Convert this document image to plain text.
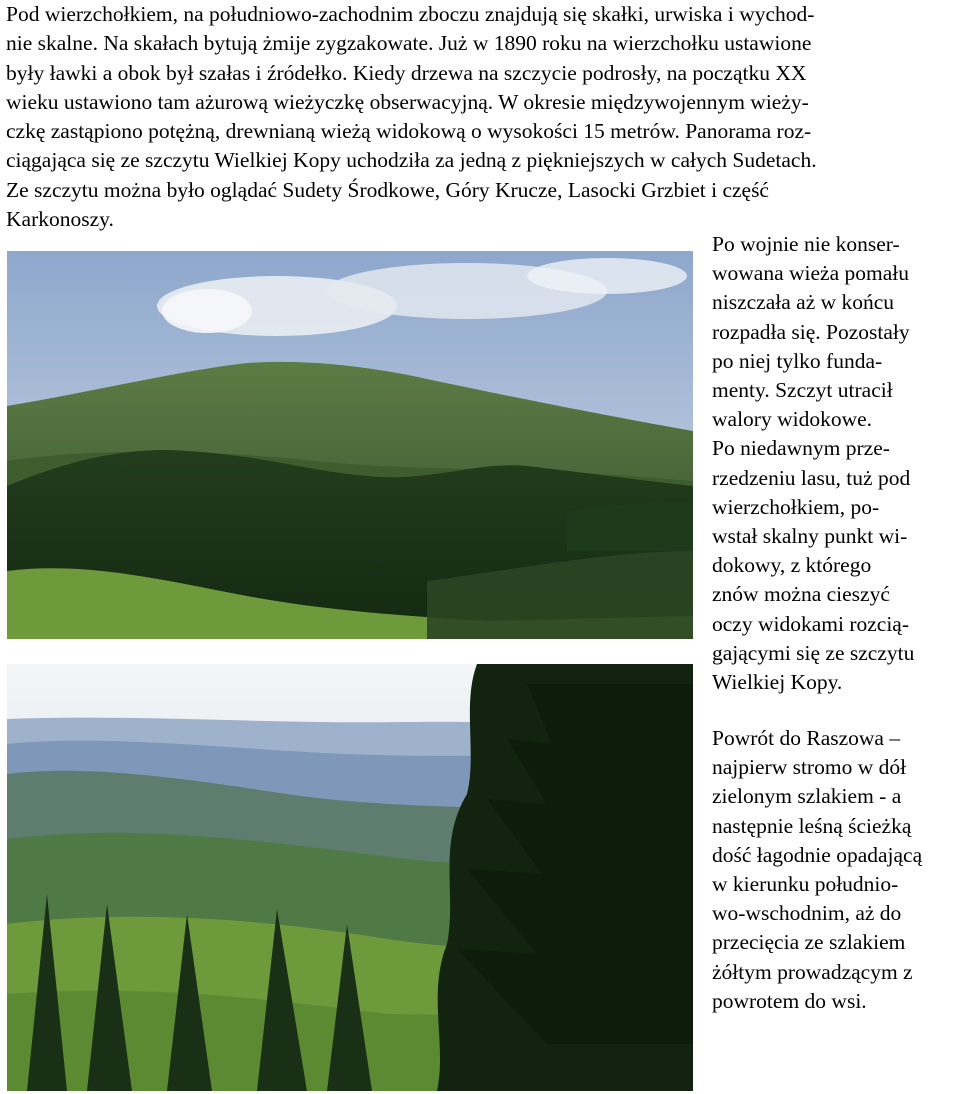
Pod wierzchołkiem, na południowo-zachodnim zboczu znajdują się skałki, urwiska i wychod-
nie skalne. Na skałach bytują żmije zygzakowate. Już w 1890 roku na wierzchołku ustawione
były ławki a obok był szałas i źródełko. Kiedy drzewa na szczycie podrosły, na początku XX
wieku ustawiono tam ażurową wieżyczkę obserwacyjną. W okresie międzywojennym wieży-
czkę zastąpiono potężną, drewnianą wieżą widokową o wysokości 15 metrów. Panorama roz-
ciągająca się ze szczytu Wielkiej Kopy uchodziła za jedną z piękniejszych w całych Sudetach.
Ze szczytu można było oglądać Sudety Środkowe, Góry Krucze, Lasocki Grzbiet i część
Karkonoszy.

Po wojnie nie konser-
wowana wieża pomału
niszczała aż w końcu
rozpadła się. Pozostały
po niej tylko funda-
menty. Szczyt utracił
walory widokowe.
Po niedawnym prze-
rzedzeniu lasu, tuż pod
wierzchołkiem, po-
wstał skalny punkt wi-
dokowy, z którego
znów można cieszyć
oczy widokami rozcią-
gającymi się ze szczytu
Wielkiej Kopy.

Powrót do Raszowa –
najpierw stromo w dół
zielonym szlakiem - a
następnie leśną ścieżką
dość łagodnie opadającą
w kierunku południo-
wo-wschodnim, aż do
przecięcia ze szlakiem
żółtym prowadzącym z
powrotem do wsi.
